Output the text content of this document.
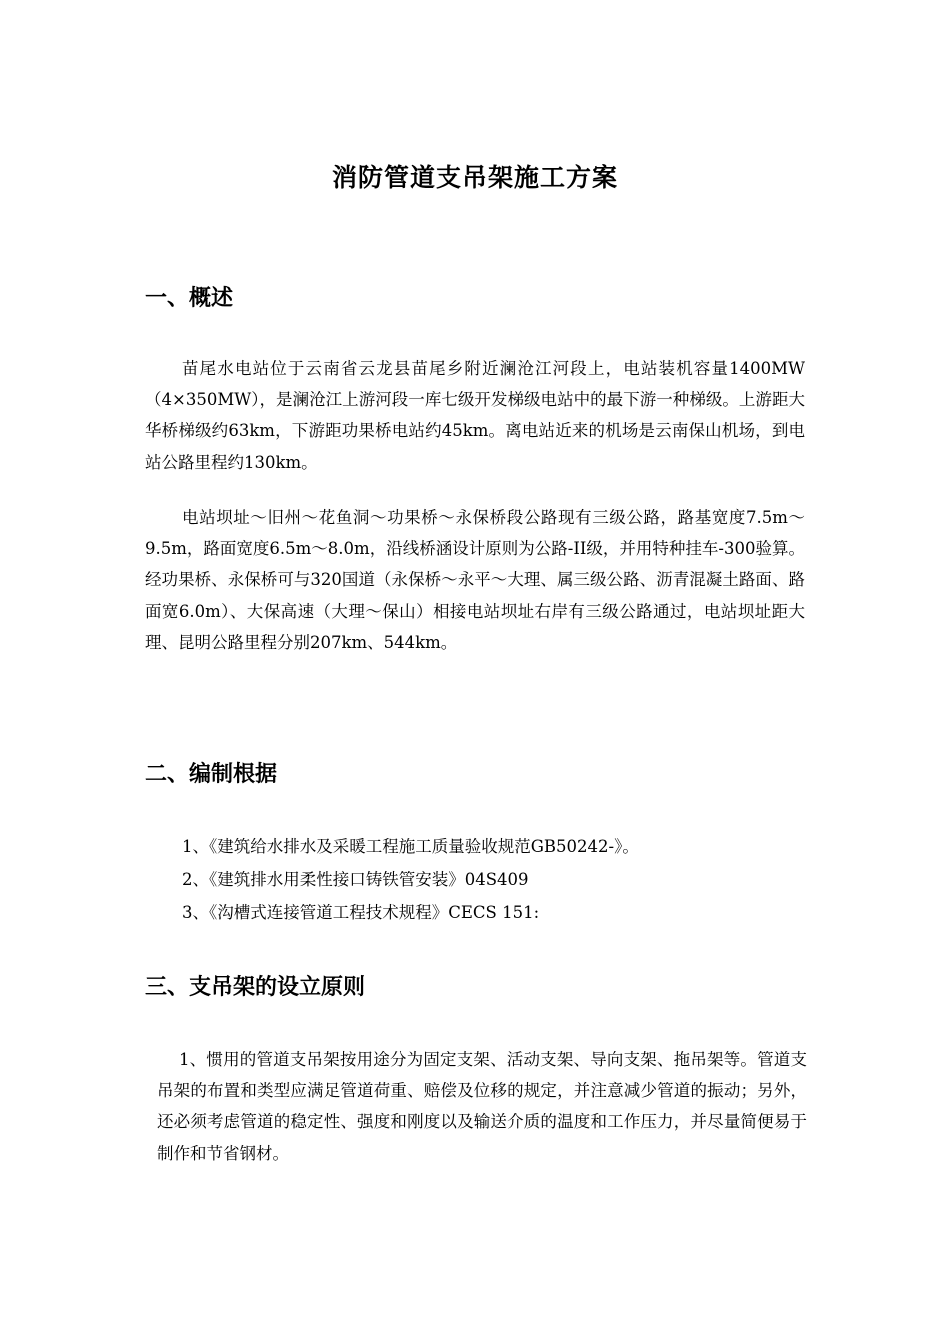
消防管道支吊架施工方案
一、概述

苗尾水电站位于云南省云龙县苗尾乡附近澜沧江河段上，电站装机容量1400MW（4×350MW），是澜沧江上游河段一库七级开发梯级电站中的最下游一种梯级。上游距大华桥梯级约63km，下游距功果桥电站约45km。离电站近来的机场是云南保山机场，到电站公路里程约130km。

电站坝址～旧州～花鱼洞～功果桥～永保桥段公路现有三级公路，路基宽度7.5m～9.5m，路面宽度6.5m～8.0m，沿线桥涵设计原则为公路-II级，并用特种挂车-300验算。经功果桥、永保桥可与320国道（永保桥～永平～大理、属三级公路、沥青混凝土路面、路面宽6.0m）、大保高速（大理～保山）相接电站坝址右岸有三级公路通过，电站坝址距大理、昆明公路里程分别207km、544km。

二、编制根据
1、《建筑给水排水及采暖工程施工质量验收规范GB50242-》。
2、《建筑排水用柔性接口铸铁管安装》04S409
3、《沟槽式连接管道工程技术规程》CECS 151:
三、支吊架的设立原则

1、惯用的管道支吊架按用途分为固定支架、活动支架、导向支架、拖吊架等。管道支吊架的布置和类型应满足管道荷重、赔偿及位移的规定，并注意减少管道的振动；另外，还必须考虑管道的稳定性、强度和刚度以及输送介质的温度和工作压力，并尽量简便易于制作和节省钢材。
